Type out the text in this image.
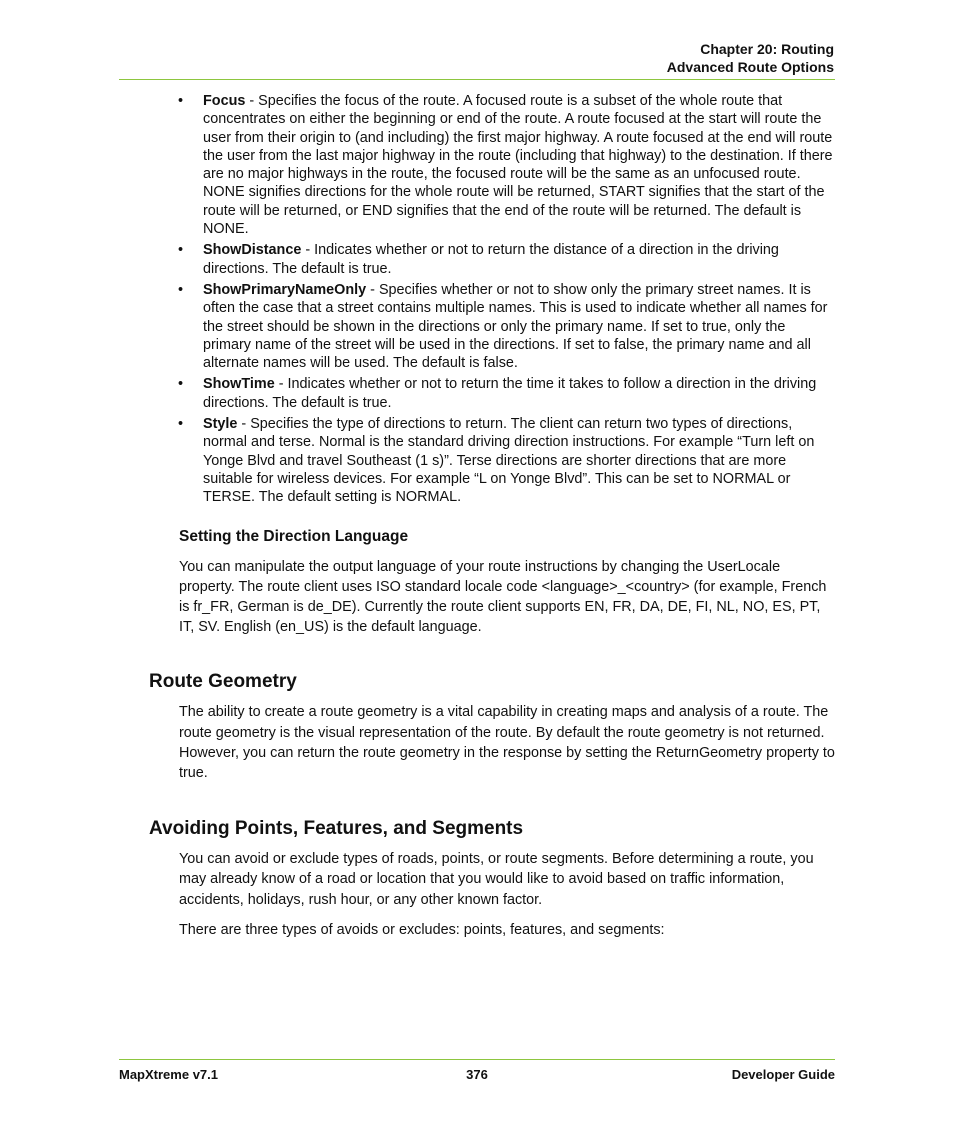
Chapter 20: Routing
Advanced Route Options
• Focus - Specifies the focus of the route. A focused route is a subset of the whole route that concentrates on either the beginning or end of the route. A route focused at the start will route the user from their origin to (and including) the first major highway. A route focused at the end will route the user from the last major highway in the route (including that highway) to the destination. If there are no major highways in the route, the focused route will be the same as an unfocused route. NONE signifies directions for the whole route will be returned, START signifies that the start of the route will be returned, or END signifies that the end of the route will be returned. The default is NONE.
• ShowDistance - Indicates whether or not to return the distance of a direction in the driving directions. The default is true.
• ShowPrimaryNameOnly - Specifies whether or not to show only the primary street names. It is often the case that a street contains multiple names. This is used to indicate whether all names for the street should be shown in the directions or only the primary name. If set to true, only the primary name of the street will be used in the directions. If set to false, the primary name and all alternate names will be used. The default is false.
• ShowTime - Indicates whether or not to return the time it takes to follow a direction in the driving directions. The default is true.
• Style - Specifies the type of directions to return. The client can return two types of directions, normal and terse. Normal is the standard driving direction instructions. For example “Turn left on Yonge Blvd and travel Southeast (1 s)”. Terse directions are shorter directions that are more suitable for wireless devices. For example “L on Yonge Blvd”. This can be set to NORMAL or TERSE. The default setting is NORMAL.
Setting the Direction Language
You can manipulate the output language of your route instructions by changing the UserLocale property. The route client uses ISO standard locale code <language>_<country> (for example, French is fr_FR, German is de_DE). Currently the route client supports EN, FR, DA, DE, FI, NL, NO, ES, PT, IT, SV. English (en_US) is the default language.
Route Geometry
The ability to create a route geometry is a vital capability in creating maps and analysis of a route. The route geometry is the visual representation of the route. By default the route geometry is not returned. However, you can return the route geometry in the response by setting the ReturnGeometry property to true.
Avoiding Points, Features, and Segments
You can avoid or exclude types of roads, points, or route segments. Before determining a route, you may already know of a road or location that you would like to avoid based on traffic information, accidents, holidays, rush hour, or any other known factor.
There are three types of avoids or excludes: points, features, and segments:
MapXtreme v7.1	376	Developer Guide
